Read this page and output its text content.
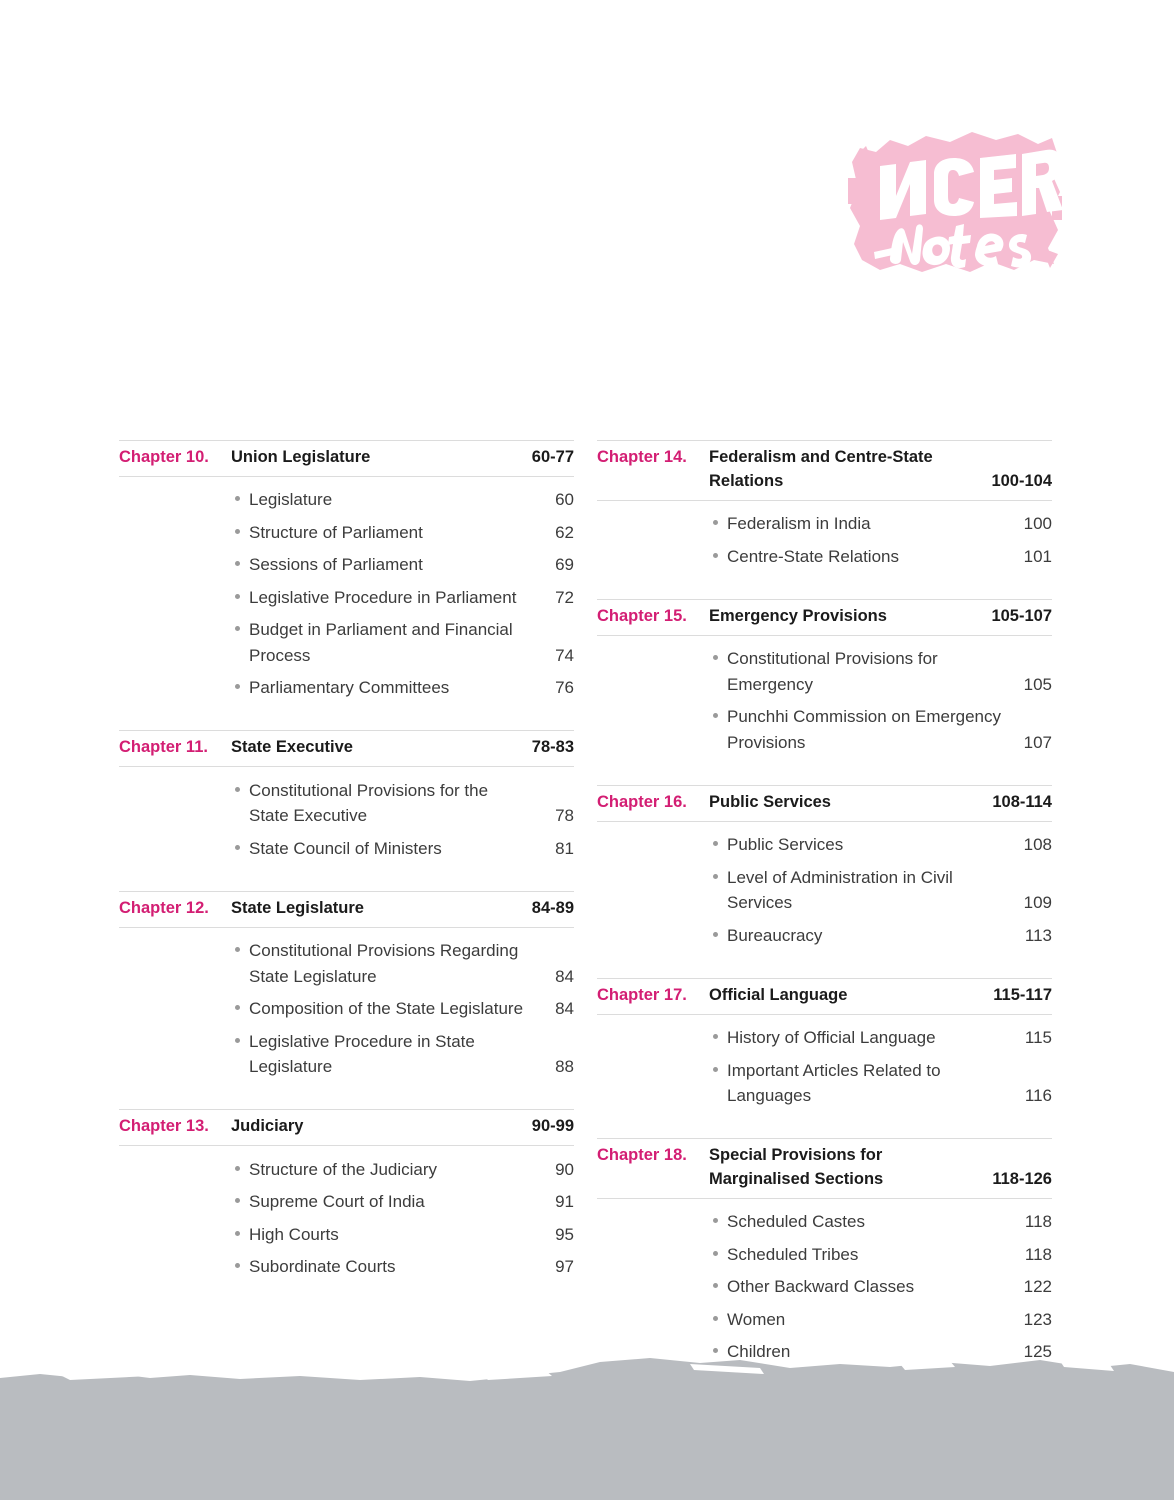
Chapter 10.	Union Legislature	60-77
Legislature	60
Structure of Parliament	62
Sessions of Parliament	69
Legislative Procedure in Parliament	72
Budget in Parliament and Financial Process	74
Parliamentary Committees	76
Chapter 11.	State Executive	78-83
Constitutional Provisions for the State Executive	78
State Council of Ministers	81
Chapter 12.	State Legislature	84-89
Constitutional Provisions Regarding State Legislature	84
Composition of the State Legislature	84
Legislative Procedure in State Legislature	88
Chapter 13.	Judiciary	90-99
Structure of the Judiciary	90
Supreme Court of India	91
High Courts	95
Subordinate Courts	97
Chapter 14.	Federalism and Centre-State Relations	100-104
Federalism in India	100
Centre-State Relations	101
Chapter 15.	Emergency Provisions	105-107
Constitutional Provisions for Emergency	105
Punchhi Commission on Emergency Provisions	107
Chapter 16.	Public Services	108-114
Public Services	108
Level of Administration in Civil Services	109
Bureaucracy	113
Chapter 17.	Official Language	115-117
History of Official Language	115
Important Articles Related to Languages	116
Chapter 18.	Special Provisions for Marginalised Sections	118-126
Scheduled Castes	118
Scheduled Tribes	118
Other Backward Classes	122
Women	123
Children	125
